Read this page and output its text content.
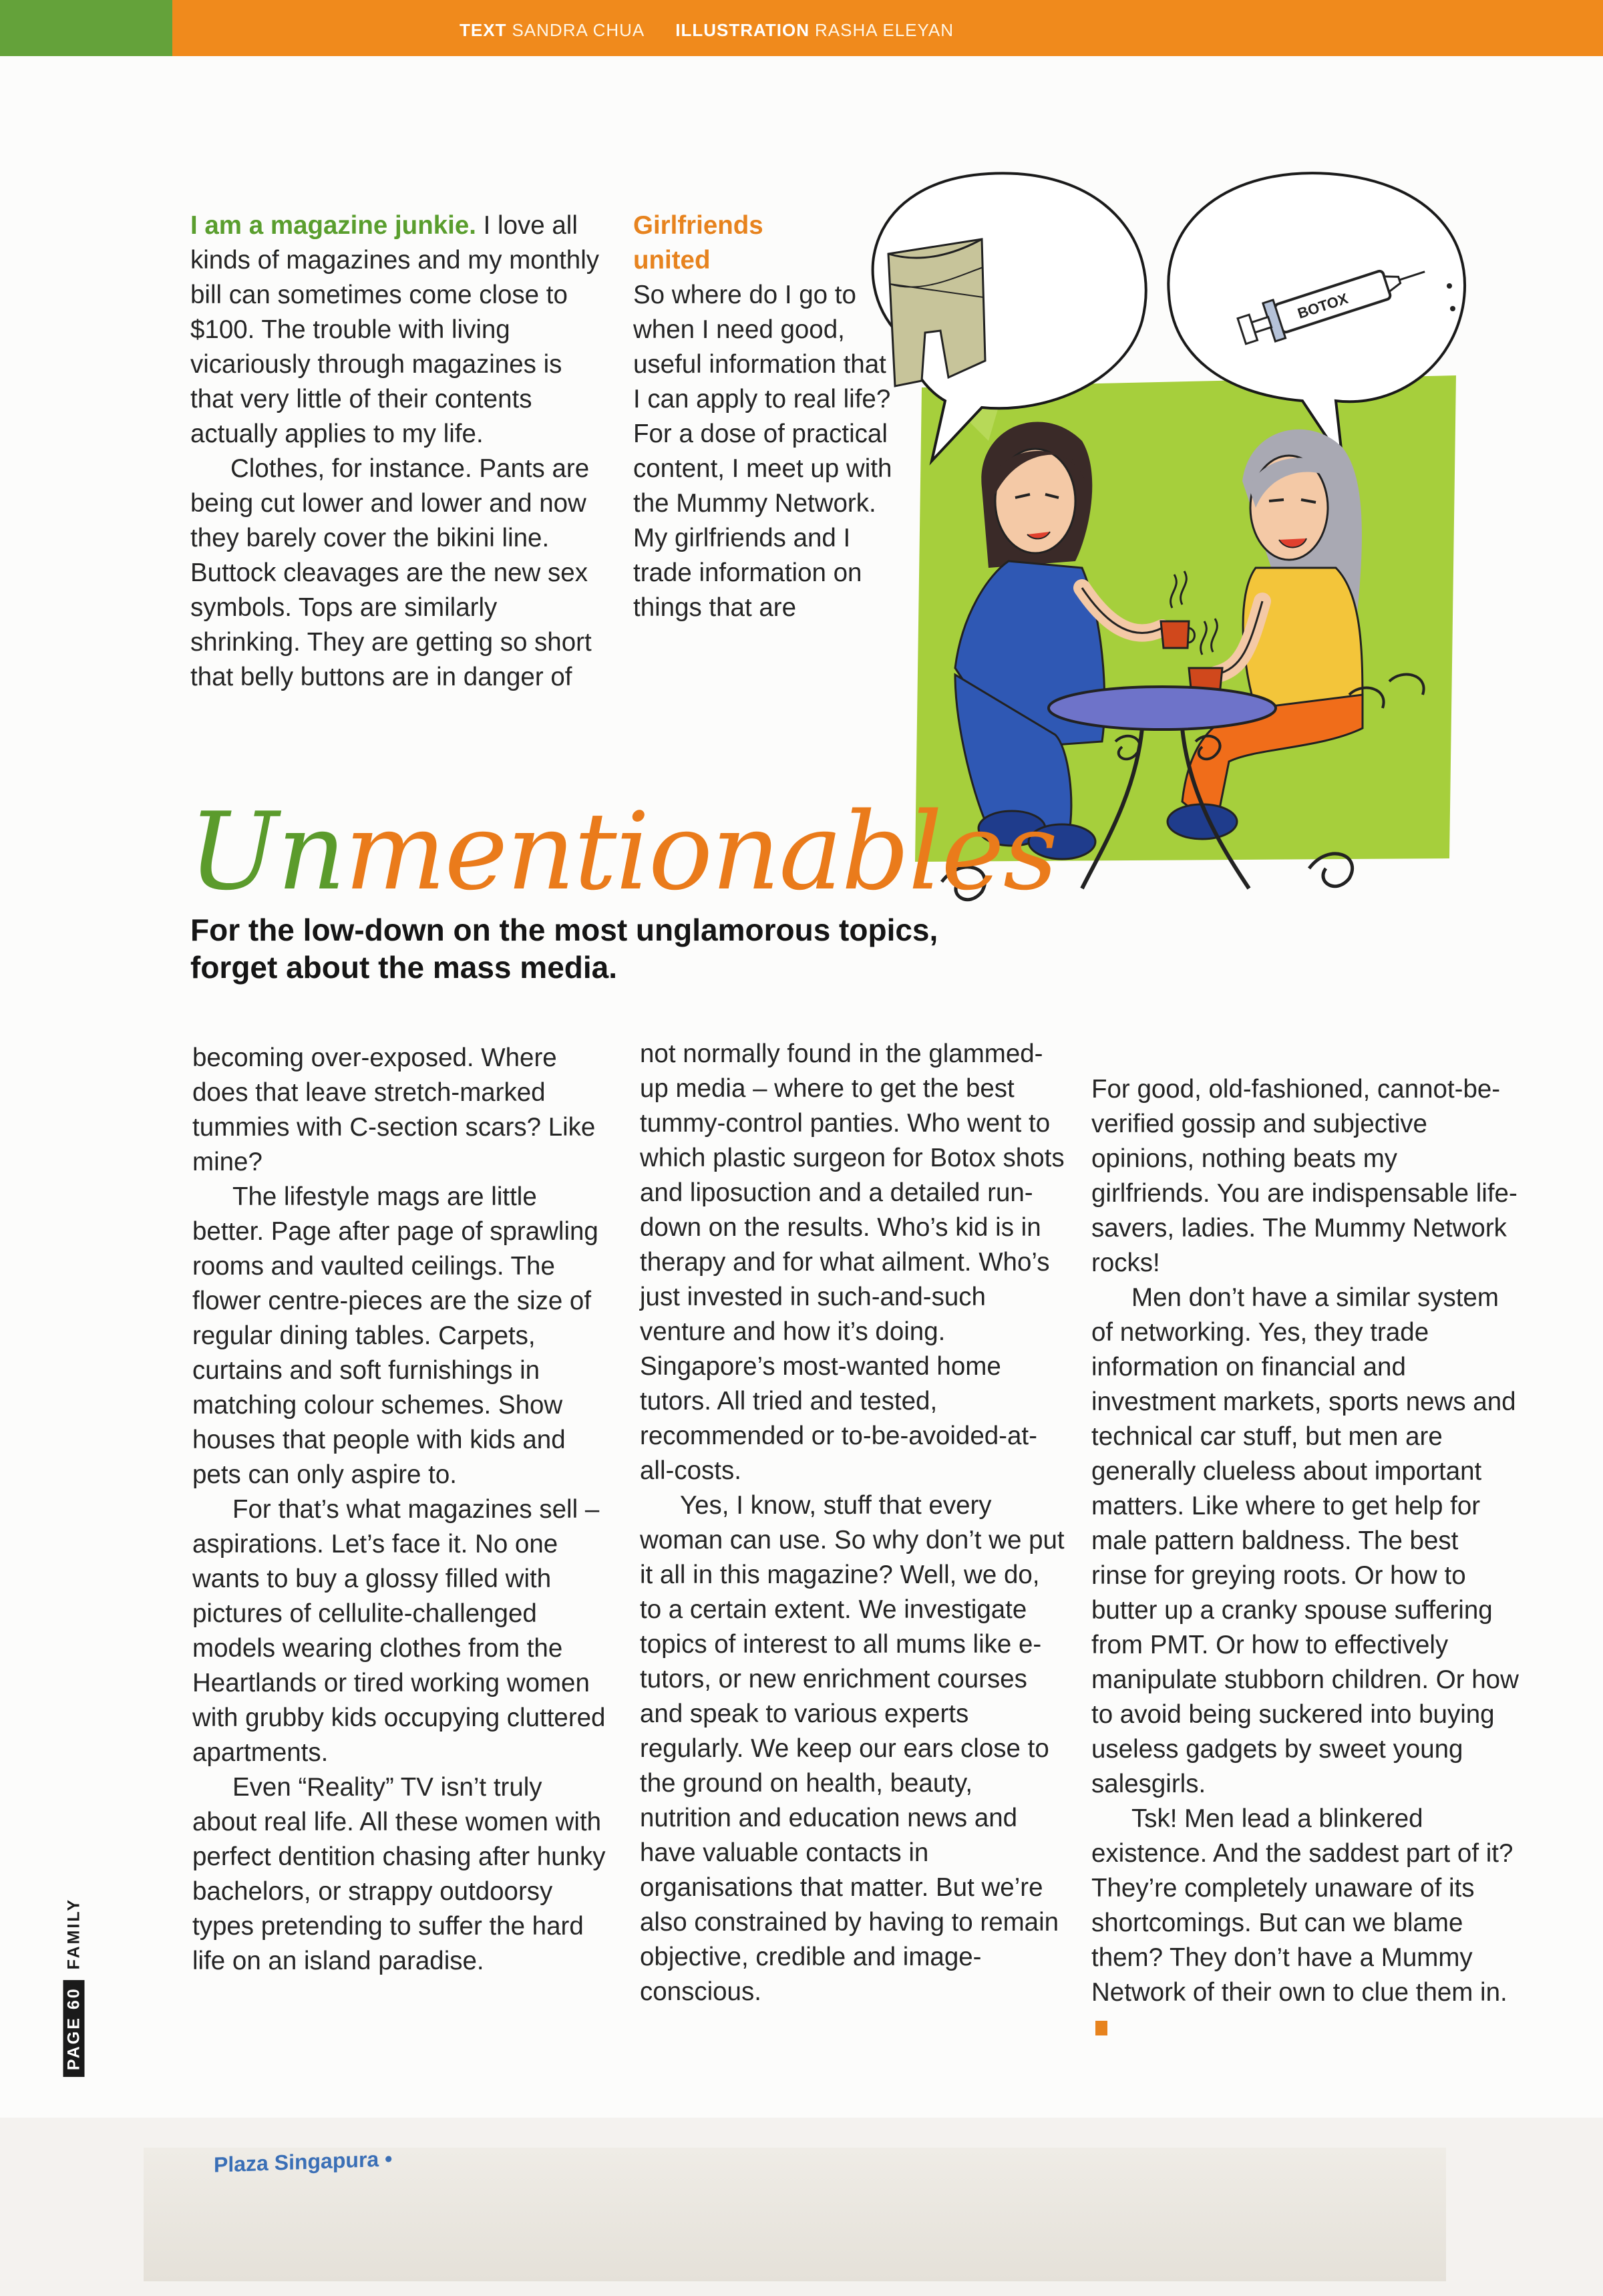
TEXT SANDRA CHUA ILLUSTRATION RASHA ELEYAN
BOTOX

I am a magazine junkie. I love all kinds of magazines and my monthly bill can sometimes come close to $100. The trouble with living vicariously through magazines is that very little of their contents actually applies to my life.

Clothes, for instance. Pants are being cut lower and lower and now they barely cover the bikini line. Buttock cleavages are the new sex symbols. Tops are similarly shrinking. They are getting so short that belly buttons are in danger of

Girlfriends united

So where do I go to when I need good, useful information that I can apply to real life? For a dose of practical content, I meet up with the Mummy Network. My girlfriends and I trade information on things that are

Unmentionables
For the low-down on the most unglamorous topics, forget about the mass media.

becoming over-exposed. Where does that leave stretch-marked tummies with C-section scars? Like mine?

The lifestyle mags are little better. Page after page of sprawling rooms and vaulted ceilings. The flower centre-pieces are the size of regular dining tables. Carpets, curtains and soft furnishings in matching colour schemes. Show houses that people with kids and pets can only aspire to.

For that’s what magazines sell – aspirations. Let’s face it. No one wants to buy a glossy filled with pictures of cellulite-challenged models wearing clothes from the Heartlands or tired working women with grubby kids occupying cluttered apartments.

Even “Reality” TV isn’t truly about real life. All these women with perfect dentition chasing after hunky bachelors, or strappy outdoorsy types pretending to suffer the hard life on an island paradise.

not normally found in the glammed-up media – where to get the best tummy-control panties. Who went to which plastic surgeon for Botox shots and liposuction and a detailed run-down on the results. Who’s kid is in therapy and for what ailment. Who’s just invested in such-and-such venture and how it’s doing. Singapore’s most-wanted home tutors. All tried and tested, recommended or to-be-avoided-at-all-costs.

Yes, I know, stuff that every woman can use. So why don’t we put it all in this magazine? Well, we do, to a certain extent. We investigate topics of interest to all mums like e-tutors, or new enrichment courses and speak to various experts regularly. We keep our ears close to the ground on health, beauty, nutrition and education news and have valuable contacts in organisations that matter. But we’re also constrained by having to remain objective, credible and image-conscious.

For good, old-fashioned, cannot-be-verified gossip and subjective opinions, nothing beats my girlfriends. You are indispensable life-savers, ladies. The Mummy Network rocks!

Men don’t have a similar system of networking. Yes, they trade information on financial and investment markets, sports news and technical car stuff, but men are generally clueless about important matters. Like where to get help for male pattern baldness. The best rinse for greying roots. Or how to butter up a cranky spouse suffering from PMT. Or how to effectively manipulate stubborn children. Or how to avoid being suckered into buying useless gadgets by sweet young salesgirls.

Tsk! Men lead a blinkered existence. And the saddest part of it? They’re completely unaware of its shortcomings. But can we blame them? They don’t have a Mummy Network of their own to clue them in.

PAGE 60FAMILY
Plaza Singapura •
